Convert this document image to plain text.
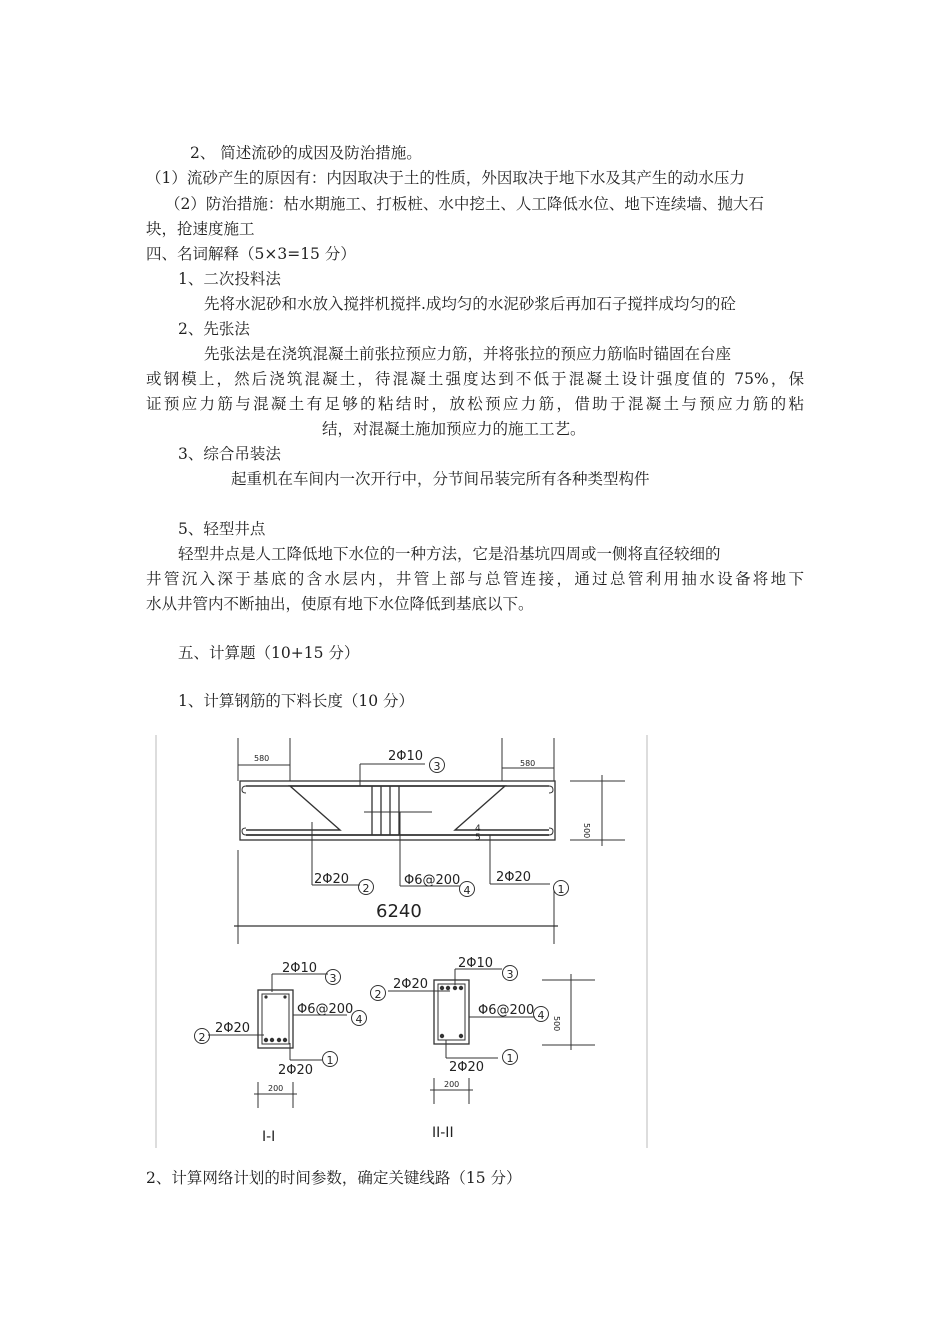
2、 简述流砂的成因及防治措施。
（1）流砂产生的原因有：内因取决于土的性质，外因取决于地下水及其产生的动水压力
（2）防治措施：枯水期施工、打板桩、水中挖土、人工降低水位、地下连续墙、抛大石
块，抢速度施工
四、名词解释（5×3=15 分）
1、二次投料法
先将水泥砂和水放入搅拌机搅拌.成均匀的水泥砂浆后再加石子搅拌成均匀的砼
2、先张法
先张法是在浇筑混凝土前张拉预应力筋，并将张拉的预应力筋临时锚固在台座
或钢模上，然后浇筑混凝土，待混凝土强度达到不低于混凝土设计强度值的 75%，保
证预应力筋与混凝土有足够的粘结时，放松预应力筋，借助于混凝土与预应力筋的粘
结，对混凝土施加预应力的施工工艺。
3、综合吊装法
起重机在车间内一次开行中，分节间吊装完所有各种类型构件
5、轻型井点
轻型井点是人工降低地下水位的一种方法，它是沿基坑四周或一侧将直径较细的
井管沉入深于基底的含水层内，井管上部与总管连接，通过总管利用抽水设备将地下
水从井管内不断抽出，使原有地下水位降低到基底以下。
五、计算题（10+15 分）
1、计算钢筋的下料长度（10 分）
580
580
2Φ10
3
2Φ20
2
Φ6@200
4
2Φ20
1
6240
500
4
5
2Φ10
3
Φ6@200
4
2Φ20
2
2Φ20
1
200
I-I
2Φ10
3
2Φ20
2
Φ6@200 4
2Φ20
1
200
500
II-II
2、计算网络计划的时间参数，确定关键线路（15 分）
